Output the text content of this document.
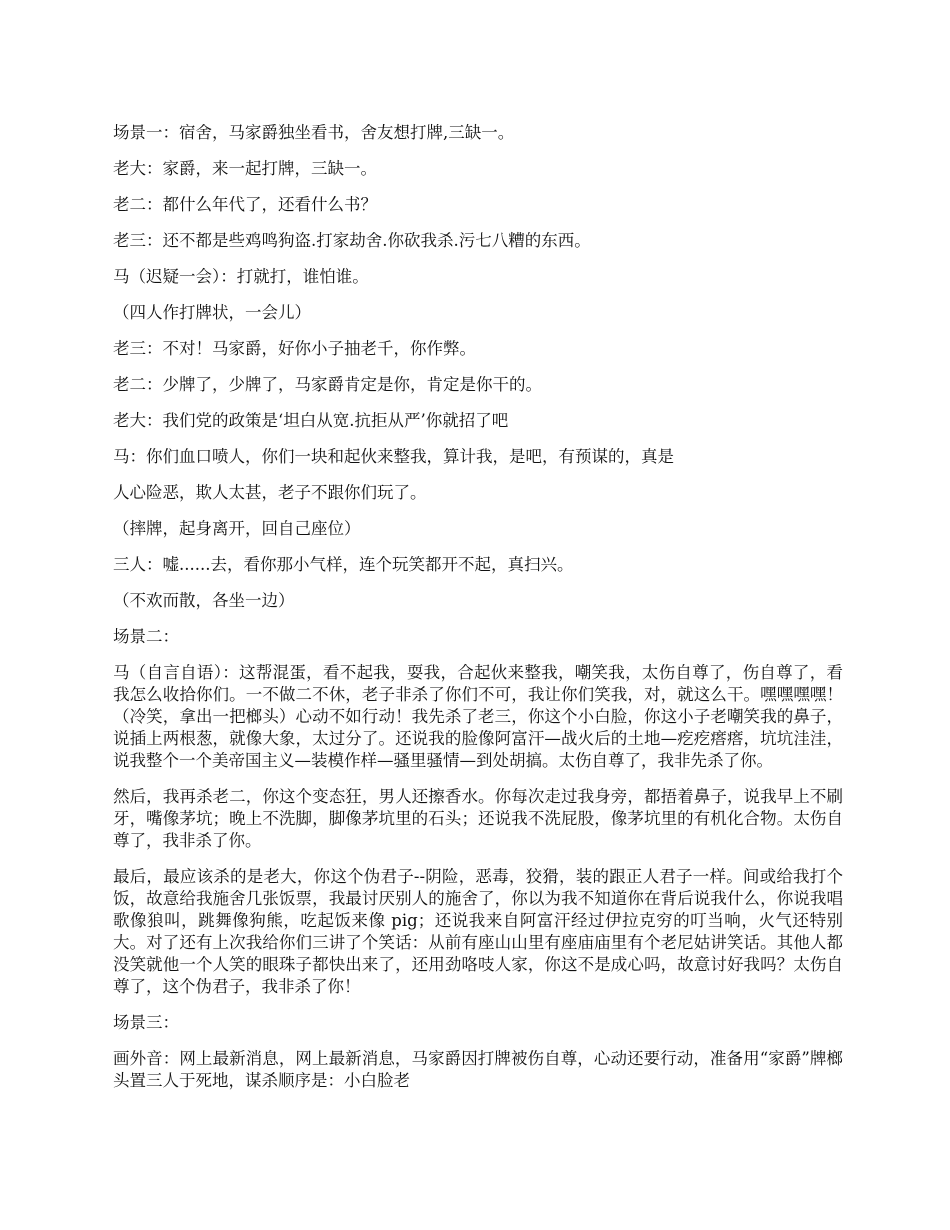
场景一：宿舍，马家爵独坐看书，舍友想打牌,三缺一。

老大：家爵，来一起打牌，三缺一。

老二：都什么年代了，还看什么书？

老三：还不都是些鸡鸣狗盗.打家劫舍.你砍我杀.污七八糟的东西。

马（迟疑一会）：打就打，谁怕谁。

（四人作打牌状，一会儿）

老三：不对！马家爵，好你小子抽老千，你作弊。

老二：少牌了，少牌了，马家爵肯定是你，肯定是你干的。

老大：我们党的政策是‘坦白从宽.抗拒从严’你就招了吧

马：你们血口喷人，你们一块和起伙来整我，算计我，是吧，有预谋的，真是

人心险恶，欺人太甚，老子不跟你们玩了。

（摔牌，起身离开，回自己座位）

三人：嘘......去，看你那小气样，连个玩笑都开不起，真扫兴。

（不欢而散，各坐一边）

场景二：

马（自言自语）：这帮混蛋，看不起我，耍我，合起伙来整我，嘲笑我，太伤自尊了，伤自尊了，看我怎么收拾你们。一不做二不休，老子非杀了你们不可，我让你们笑我，对，就这么干。嘿嘿嘿嘿！（冷笑，拿出一把榔头）心动不如行动！我先杀了老三，你这个小白脸，你这小子老嘲笑我的鼻子，说插上两根葱，就像大象，太过分了。还说我的脸像阿富汗—战火后的土地—疙疙瘩瘩，坑坑洼洼，说我整个一个美帝国主义—装模作样—骚里骚情—到处胡搞。太伤自尊了，我非先杀了你。

然后，我再杀老二，你这个变态狂，男人还擦香水。你每次走过我身旁，都捂着鼻子，说我早上不刷牙，嘴像茅坑；晚上不洗脚，脚像茅坑里的石头；还说我不洗屁股，像茅坑里的有机化合物。太伤自尊了，我非杀了你。

最后，最应该杀的是老大，你这个伪君子--阴险，恶毒，狡猾，装的跟正人君子一样。间或给我打个饭，故意给我施舍几张饭票，我最讨厌别人的施舍了，你以为我不知道你在背后说我什么，你说我唱歌像狼叫，跳舞像狗熊，吃起饭来像 pig；还说我来自阿富汗经过伊拉克穷的叮当响，火气还特别大。对了还有上次我给你们三讲了个笑话：从前有座山山里有座庙庙里有个老尼姑讲笑话。其他人都没笑就他一个人笑的眼珠子都快出来了，还用劲咯吱人家，你这不是成心吗，故意讨好我吗？太伤自尊了，这个伪君子，我非杀了你！

场景三：

画外音：网上最新消息，网上最新消息，马家爵因打牌被伤自尊，心动还要行动，准备用“家爵”牌榔头置三人于死地，谋杀顺序是：小白脸老
